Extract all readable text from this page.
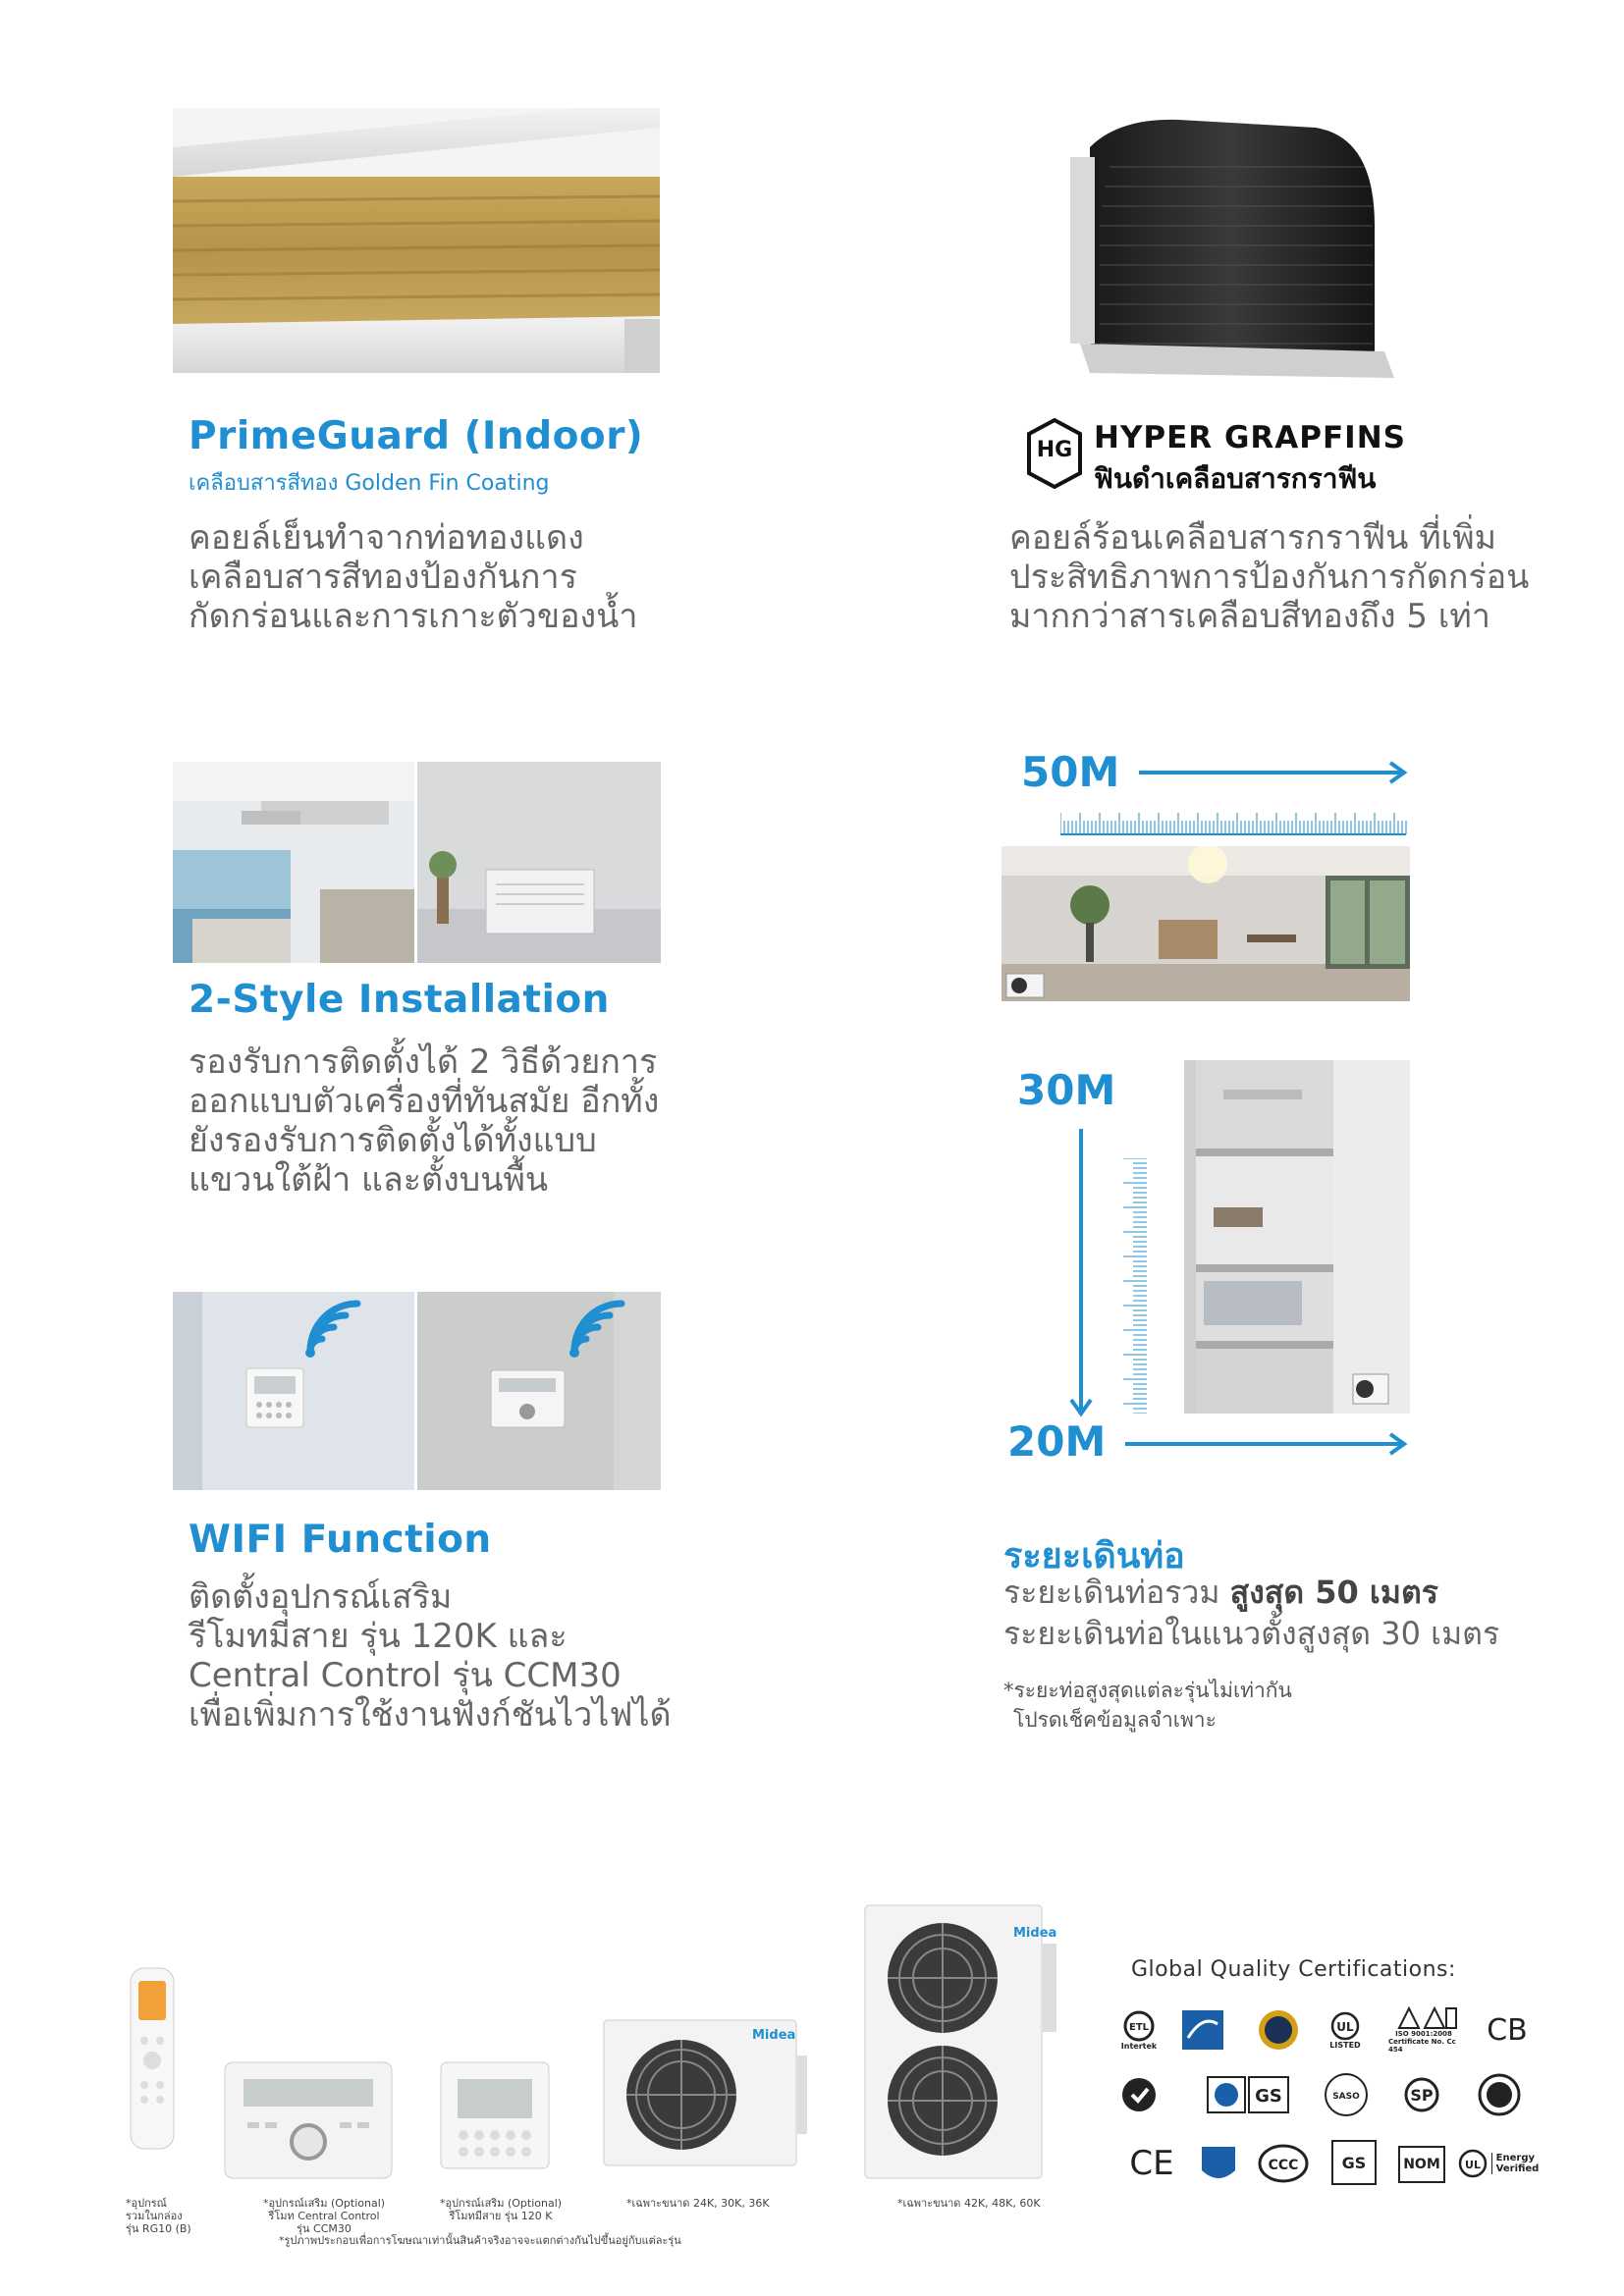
PrimeGuard (Indoor)
เคลือบสารสีทอง Golden Fin Coating
คอยล์เย็นทำจากท่อทองแดง
เคลือบสารสีทองป้องกันการ
กัดกร่อนและการเกาะตัวของน้ำ
HG HYPER GRAPFINS
ฟินดำเคลือบสารกราฟีน
คอยล์ร้อนเคลือบสารกราฟีน ที่เพิ่ม
ประสิทธิภาพการป้องกันการกัดกร่อน
มากกว่าสารเคลือบสีทองถึง 5 เท่า
2-Style Installation
รองรับการติดตั้งได้ 2 วิธีด้วยการ
ออกแบบตัวเครื่องที่ทันสมัย อีกทั้ง
ยังรองรับการติดตั้งได้ทั้งแบบ
แขวนใต้ฝ้า และตั้งบนพื้น
WIFI Function
ติดตั้งอุปกรณ์เสริม
รีโมทมีสาย รุ่น 120K และ
Central Control รุ่น CCM30
เพื่อเพิ่มการใช้งานฟังก์ชันไวไฟได้
50M
30M
20M
ระยะเดินท่อ
ระยะเดินท่อรวม สูงสุด 50 เมตร
ระยะเดินท่อในแนวตั้งสูงสุด 30 เมตร
*ระยะท่อสูงสุดแต่ละรุ่นไม่เท่ากัน
โปรดเช็คข้อมูลจำเพาะ
Midea
Midea
*อุปกรณ์
รวมในกล่อง
รุ่น RG10 (B)
*อุปกรณ์เสริม (Optional)
รีโมท Central Control
รุ่น CCM30
*อุปกรณ์เสริม (Optional)
รีโมทมีสาย รุ่น 120 K
*เฉพาะขนาด 24K, 30K, 36K	*เฉพาะขนาด 42K, 48K, 60K
*รูปภาพประกอบเพื่อการโฆษณาเท่านั้นสินค้าจริงอาจจะแตกต่างกันไปขึ้นอยู่กับแต่ละรุ่น
Global Quality Certifications:
ETL
Intertek
UL
LISTED
ISO 9001:2008
Certificate No. Cc 454
CB
GS	SASO	SP
CE	CCC	GS	NOM UL
Energy
Verified
